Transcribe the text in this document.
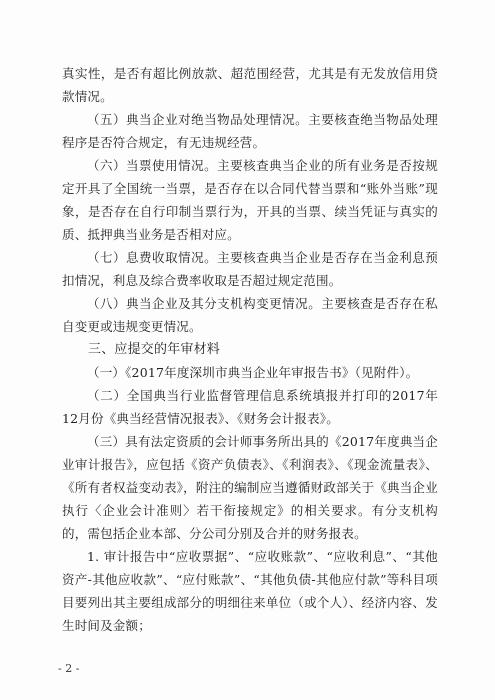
真实性，是否有超比例放款、超范围经营，尤其是有无发放信用贷款情况。

（五）典当企业对绝当物品处理情况。主要核查绝当物品处理程序是否符合规定，有无违规经营。

（六）当票使用情况。主要核查典当企业的所有业务是否按规定开具了全国统一当票，是否存在以合同代替当票和“账外当账”现象，是否存在自行印制当票行为，开具的当票、续当凭证与真实的质、抵押典当业务是否相对应。

（七）息费收取情况。主要核查典当企业是否存在当金利息预扣情况，利息及综合费率收取是否超过规定范围。

（八）典当企业及其分支机构变更情况。主要核查是否存在私自变更或违规变更情况。

三、应提交的年审材料

（一）《2017年度深圳市典当企业年审报告书》（见附件）。

（二）全国典当行业监督管理信息系统填报并打印的2017年12月份《典当经营情况报表》、《财务会计报表》。

（三）具有法定资质的会计师事务所出具的《2017年度典当企业审计报告》，应包括《资产负债表》、《利润表》、《现金流量表》、《所有者权益变动表》，附注的编制应当遵循财政部关于《典当企业执行〈企业会计准则〉若干衔接规定》的相关要求。有分支机构的，需包括企业本部、分公司分别及合并的财务报表。

1. 审计报告中“应收票据”、“应收账款”、“应收利息”、“其他资产-其他应收款”、“应付账款”、“其他负债-其他应付款”等科目项目要列出其主要组成部分的明细往来单位（或个人）、经济内容、发生时间及金额；

- 2 -
